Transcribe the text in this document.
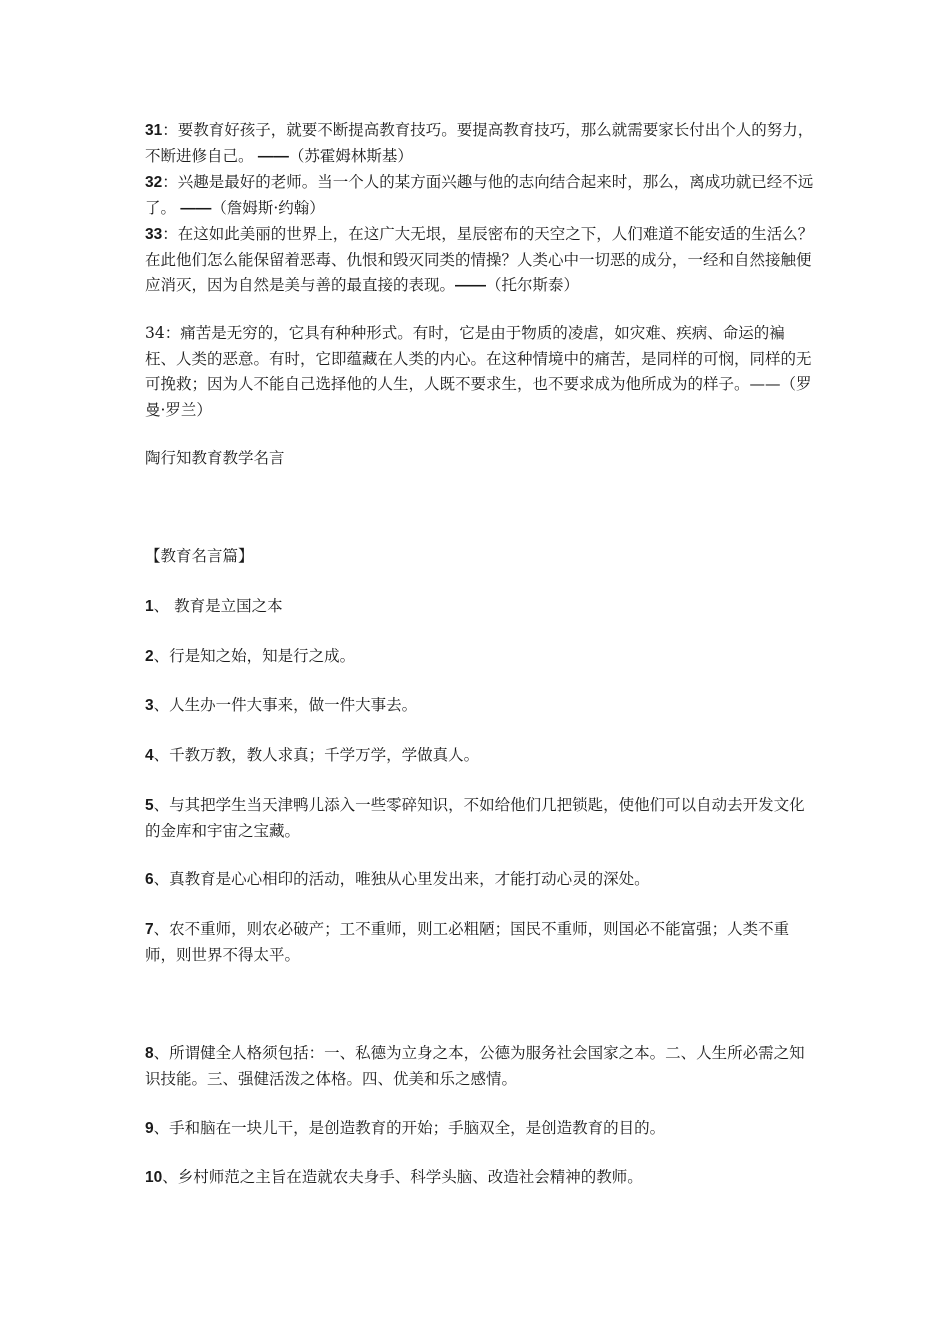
31：要教育好孩子，就要不断提高教育技巧。要提高教育技巧，那么就需要家长付出个人的努力，不断进修自己。 ——（苏霍姆林斯基）

32：兴趣是最好的老师。当一个人的某方面兴趣与他的志向结合起来时，那么，离成功就已经不远了。 ——（詹姆斯·约翰）

33：在这如此美丽的世界上，在这广大无垠，星辰密布的天空之下，人们难道不能安适的生活么？在此他们怎么能保留着恶毒、仇恨和毁灭同类的情操？人类心中一切恶的成分，一经和自然接触便应消灭，因为自然是美与善的最直接的表现。——（托尔斯泰）

34：痛苦是无穷的，它具有种种形式。有时，它是由于物质的凌虐，如灾难、疾病、命运的褊枉、人类的恶意。有时，它即蕴藏在人类的内心。在这种情境中的痛苦，是同样的可悯，同样的无可挽救；因为人不能自己选择他的人生，人既不要求生，也不要求成为他所成为的样子。——（罗曼·罗兰）

陶行知教育教学名言

【教育名言篇】

1、 教育是立国之本

2、行是知之始，知是行之成。

3、人生办一件大事来，做一件大事去。

4、千教万教，教人求真；千学万学，学做真人。

5、与其把学生当天津鸭儿添入一些零碎知识，不如给他们几把锁匙，使他们可以自动去开发文化的金库和宇宙之宝藏。

6、真教育是心心相印的活动，唯独从心里发出来，才能打动心灵的深处。

7、农不重师，则农必破产；工不重师，则工必粗陋；国民不重师，则国必不能富强；人类不重师，则世界不得太平。

8、所谓健全人格须包括：一、私德为立身之本，公德为服务社会国家之本。二、人生所必需之知识技能。三、强健活泼之体格。四、优美和乐之感情。

9、手和脑在一块儿干，是创造教育的开始；手脑双全，是创造教育的目的。

10、乡村师范之主旨在造就农夫身手、科学头脑、改造社会精神的教师。
